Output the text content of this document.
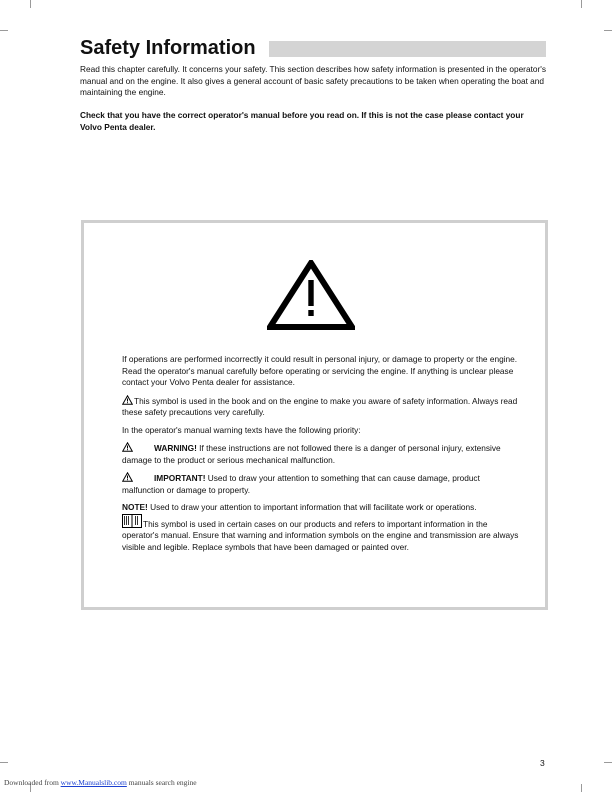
Safety Information

Read this chapter carefully. It concerns your safety. This section describes how safety information is presented in the operator's manual and on the engine. It also gives a general account of basic safety precautions to be taken when operating the boat and maintaining the engine.

Check that you have the correct operator's manual before you read on. If this is not the case please contact your Volvo Penta dealer.

If operations are performed incorrectly it could result in personal injury, or damage to property or the engine. Read the operator's manual carefully before operating or servicing the engine. If anything is unclear please contact your Volvo Penta dealer for assistance.

This symbol is used in the book and on the engine to make you aware of safety information. Always read these safety precautions very carefully.

In the operator's manual warning texts have the following priority:

WARNING! If these instructions are not followed there is a danger of personal injury, extensive damage to the product or serious mechanical malfunction.

IMPORTANT! Used to draw your attention to something that can cause damage, product malfunction or damage to property.

NOTE! Used to draw your attention to important information that will facilitate work or operations.

This symbol is used in certain cases on our products and refers to important information in the operator's manual. Ensure that warning and information symbols on the engine and transmission are always visible and legible. Replace symbols that have been damaged or painted over.

3
Downloaded from www.Manualslib.com manuals search engine
